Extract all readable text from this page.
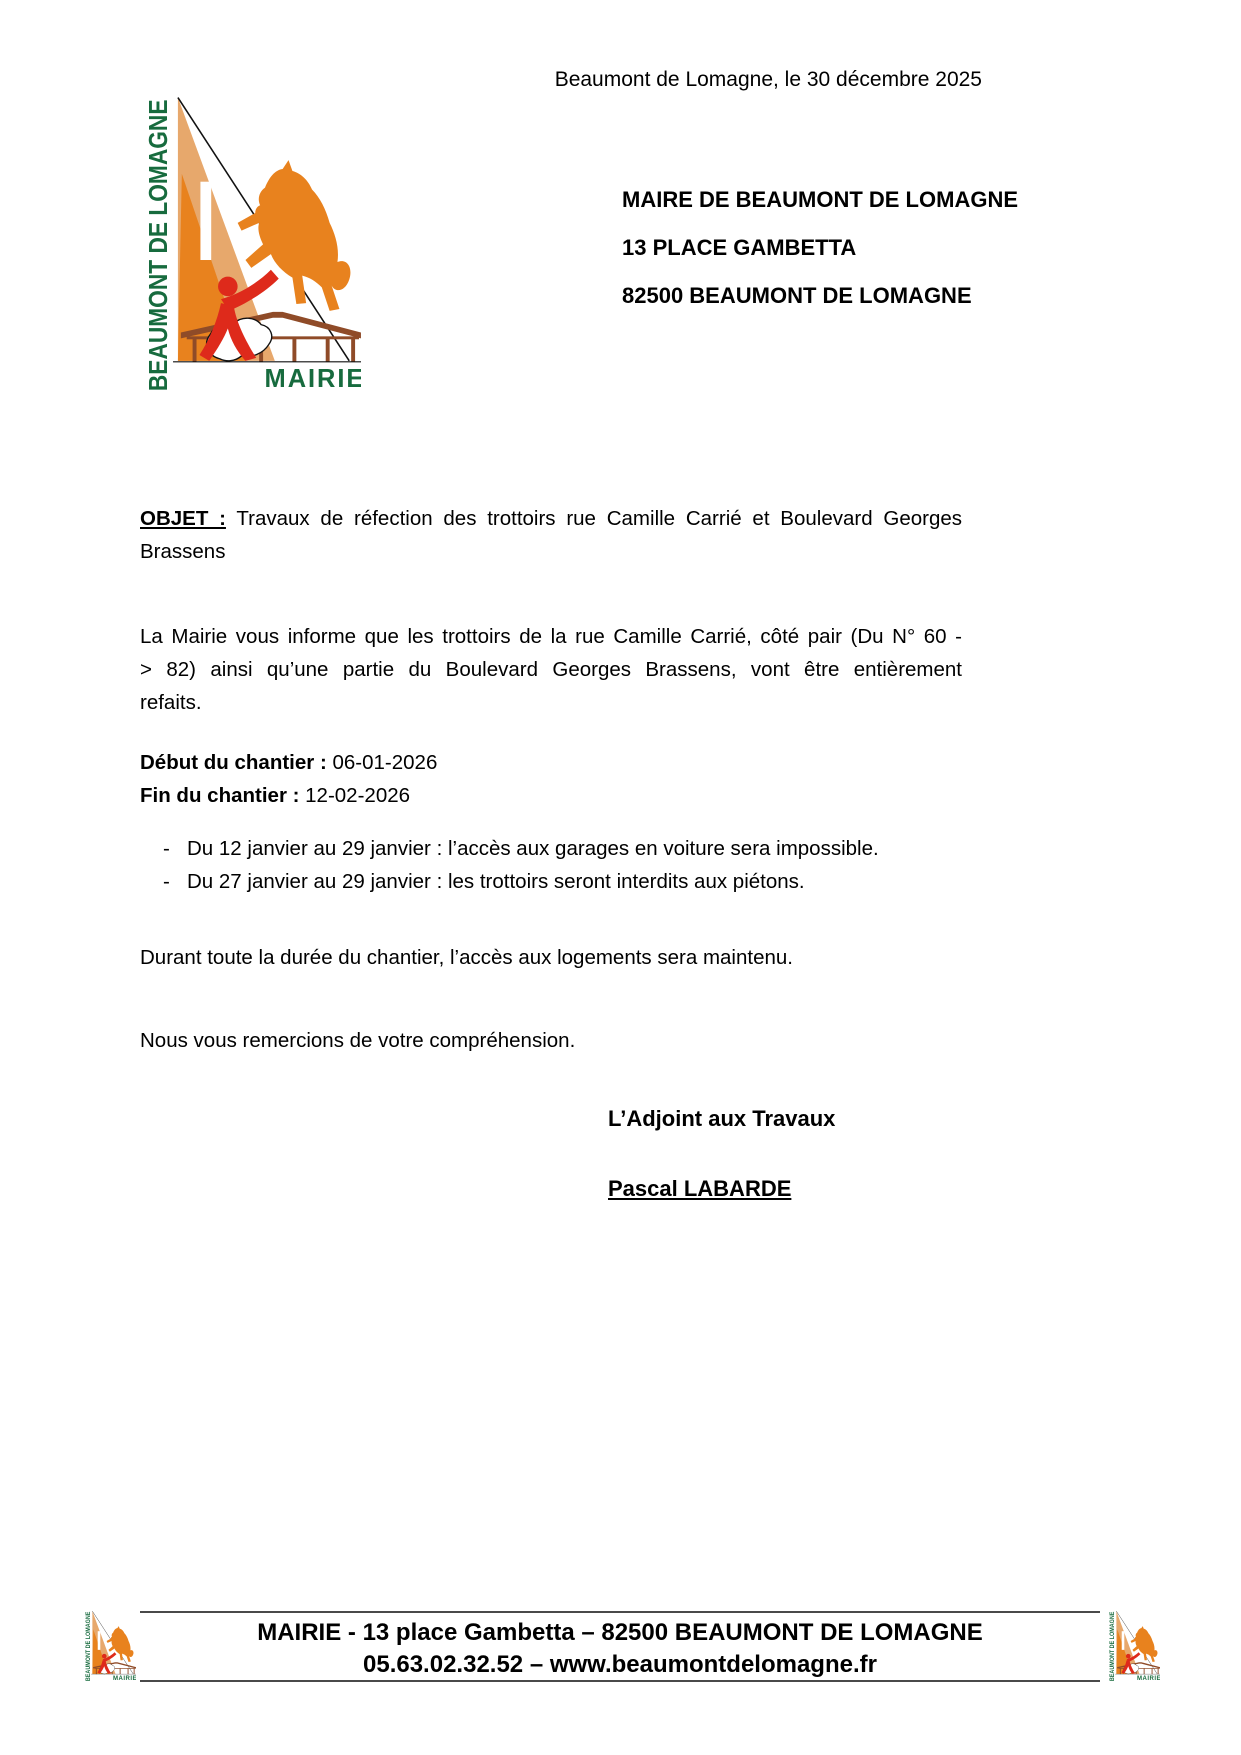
Beaumont de Lomagne, le 30 décembre 2025
MAIRE DE BEAUMONT DE LOMAGNE
13 PLACE GAMBETTA
82500 BEAUMONT DE LOMAGNE
OBJET : Travaux de réfection des trottoirs rue Camille Carrié et Boulevard Georges
Brassens
La Mairie vous informe que les trottoirs de la rue Camille Carrié, côté pair (Du N° 60 -
> 82) ainsi qu’une partie du Boulevard Georges Brassens, vont être entièrement
refaits.
Début du chantier : 06-01-2026
Fin du chantier : 12-02-2026
- Du 12 janvier au 29 janvier : l’accès aux garages en voiture sera impossible.
- Du 27 janvier au 29 janvier : les trottoirs seront interdits aux piétons.
Durant toute la durée du chantier, l’accès aux logements sera maintenu.
Nous vous remercions de votre compréhension.
L’Adjoint aux Travaux
Pascal LABARDE
MAIRIE - 13 place Gambetta – 82500 BEAUMONT DE LOMAGNE
05.63.02.32.52 – www.beaumontdelomagne.fr
